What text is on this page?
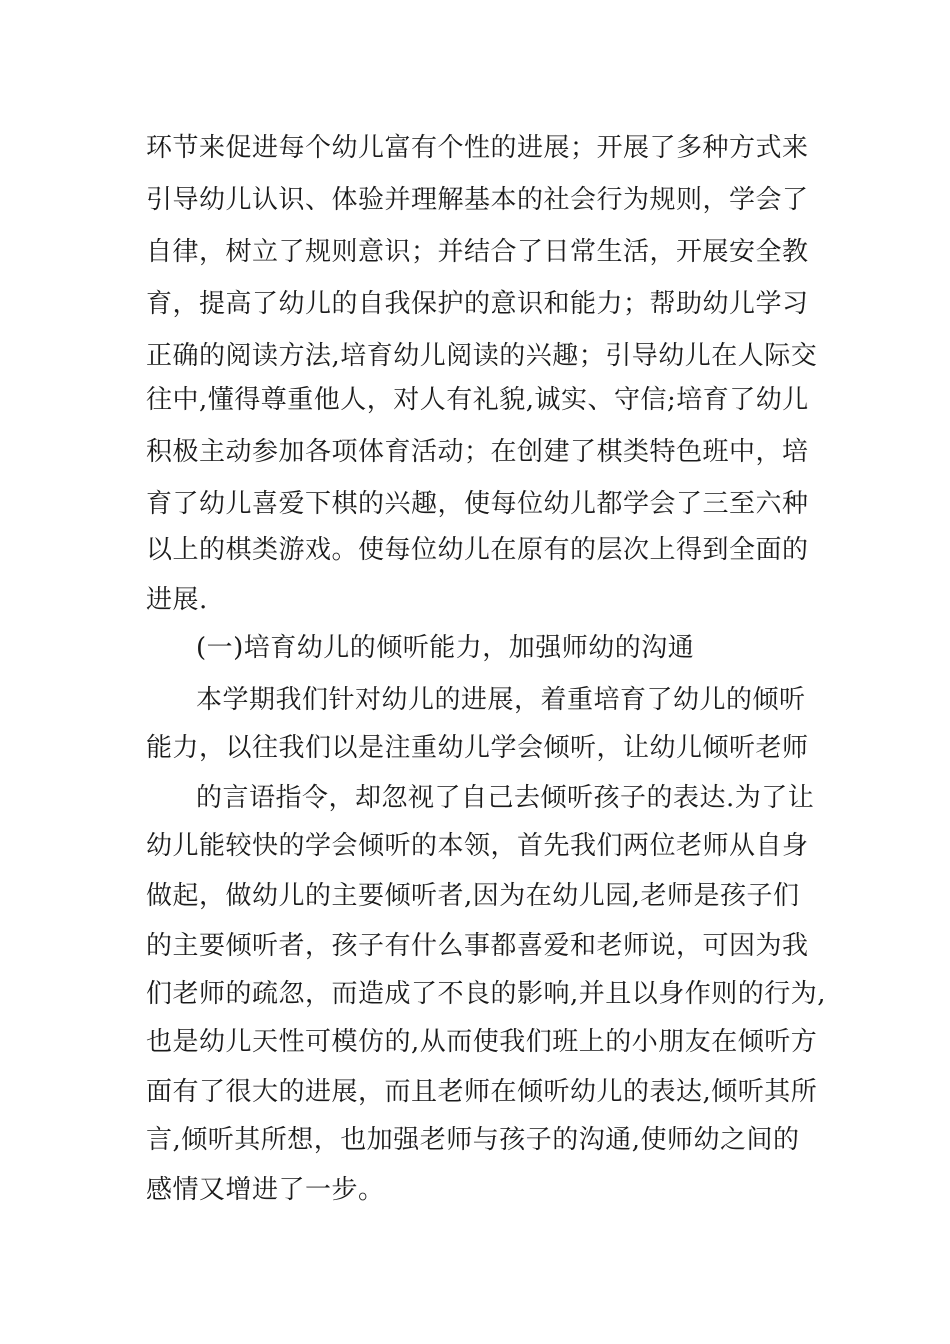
环节来促进每个幼儿富有个性的进展；开展了多种方式来
引导幼儿认识、体验并理解基本的社会行为规则，学会了
自律，树立了规则意识；并结合了日常生活，开展安全教
育，提高了幼儿的自我保护的意识和能力；帮助幼儿学习
正确的阅读方法,培育幼儿阅读的兴趣；引导幼儿在人际交
往中,懂得尊重他人，对人有礼貌,诚实、守信;培育了幼儿
积极主动参加各项体育活动；在创建了棋类特色班中，培
育了幼儿喜爱下棋的兴趣，使每位幼儿都学会了三至六种
以上的棋类游戏。使每位幼儿在原有的层次上得到全面的
进展.
(一)培育幼儿的倾听能力，加强师幼的沟通
本学期我们针对幼儿的进展，着重培育了幼儿的倾听
能力，以往我们以是注重幼儿学会倾听，让幼儿倾听老师
的言语指令，却忽视了自己去倾听孩子的表达.为了让
幼儿能较快的学会倾听的本领，首先我们两位老师从自身
做起，做幼儿的主要倾听者,因为在幼儿园,老师是孩子们
的主要倾听者，孩子有什么事都喜爱和老师说，可因为我
们老师的疏忽，而造成了不良的影响,并且以身作则的行为,
也是幼儿天性可模仿的,从而使我们班上的小朋友在倾听方
面有了很大的进展，而且老师在倾听幼儿的表达,倾听其所
言,倾听其所想，也加强老师与孩子的沟通,使师幼之间的
感情又增进了一步。
